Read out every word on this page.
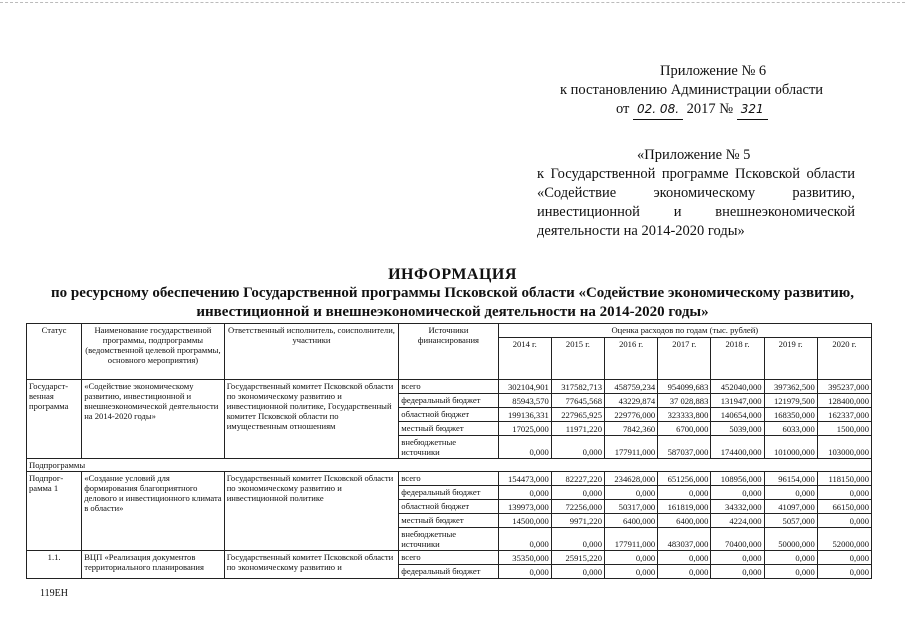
Приложение № 6
к постановлению Администрации области
от 02. 08. 2017 № 321
«Приложение № 5
к Государственной программе Псковской области «Содействие экономическому развитию, инвестиционной и внешнеэкономической деятельности на 2014-2020 годы»
ИНФОРМАЦИЯ
по ресурсному обеспечению Государственной программы Псковской области «Содействие экономическому развитию,
инвестиционной и внешнеэкономической деятельности на 2014-2020 годы»
Статус	Наименование государственной программы, подпрограммы (ведомственной целевой программы, основного мероприятия)	Ответственный исполнитель, соисполнители, участники	Источники финансирования	Оценка расходов по годам (тыс. рублей)						
				2014 г.	2015 г.	2016 г.	2017 г.	2018 г.	2019 г.	2020 г.
Государст-венная программа	«Содействие экономическому развитию, инвестиционной и внешнеэкономической деятельности на 2014-2020 годы»	Государственный комитет Псковской области по экономическому развитию и инвестиционной политике, Государственный комитет Псковской области по имущественным отношениям	всего	302104,901	317582,713	458759,234	954099,683	452040,000	397362,500	395237,000
			федеральный бюджет	85943,570	77645,568	43229,874	37 028,883	131947,000	121979,500	128400,000
			областной бюджет	199136,331	227965,925	229776,000	323333,800	140654,000	168350,000	162337,000
			местный бюджет	17025,000	11971,220	7842,360	6700,000	5039,000	6033,000	1500,000
			внебюджетные источники	0,000	0,000	177911,000	587037,000	174400,000	101000,000	103000,000
Подпрограммы										
Подпрог-рамма 1	«Создание условий для формирования благоприятного делового и инвестиционного климата в области»	Государственный комитет Псковской области по экономическому развитию и инвестиционной политике	всего	154473,000	82227,220	234628,000	651256,000	108956,000	96154,000	118150,000
			федеральный бюджет	0,000	0,000	0,000	0,000	0,000	0,000	0,000
			областной бюджет	139973,000	72256,000	50317,000	161819,000	34332,000	41097,000	66150,000
			местный бюджет	14500,000	9971,220	6400,000	6400,000	4224,000	5057,000	0,000
			внебюджетные источники	0,000	0,000	177911,000	483037,000	70400,000	50000,000	52000,000
1.1.	ВЦП «Реализация документов территориального планирования	Государственный комитет Псковской области по экономическому развитию и	всего	35350,000	25915,220	0,000	0,000	0,000	0,000	0,000
			федеральный бюджет	0,000	0,000	0,000	0,000	0,000	0,000	0,000
119ЕН
